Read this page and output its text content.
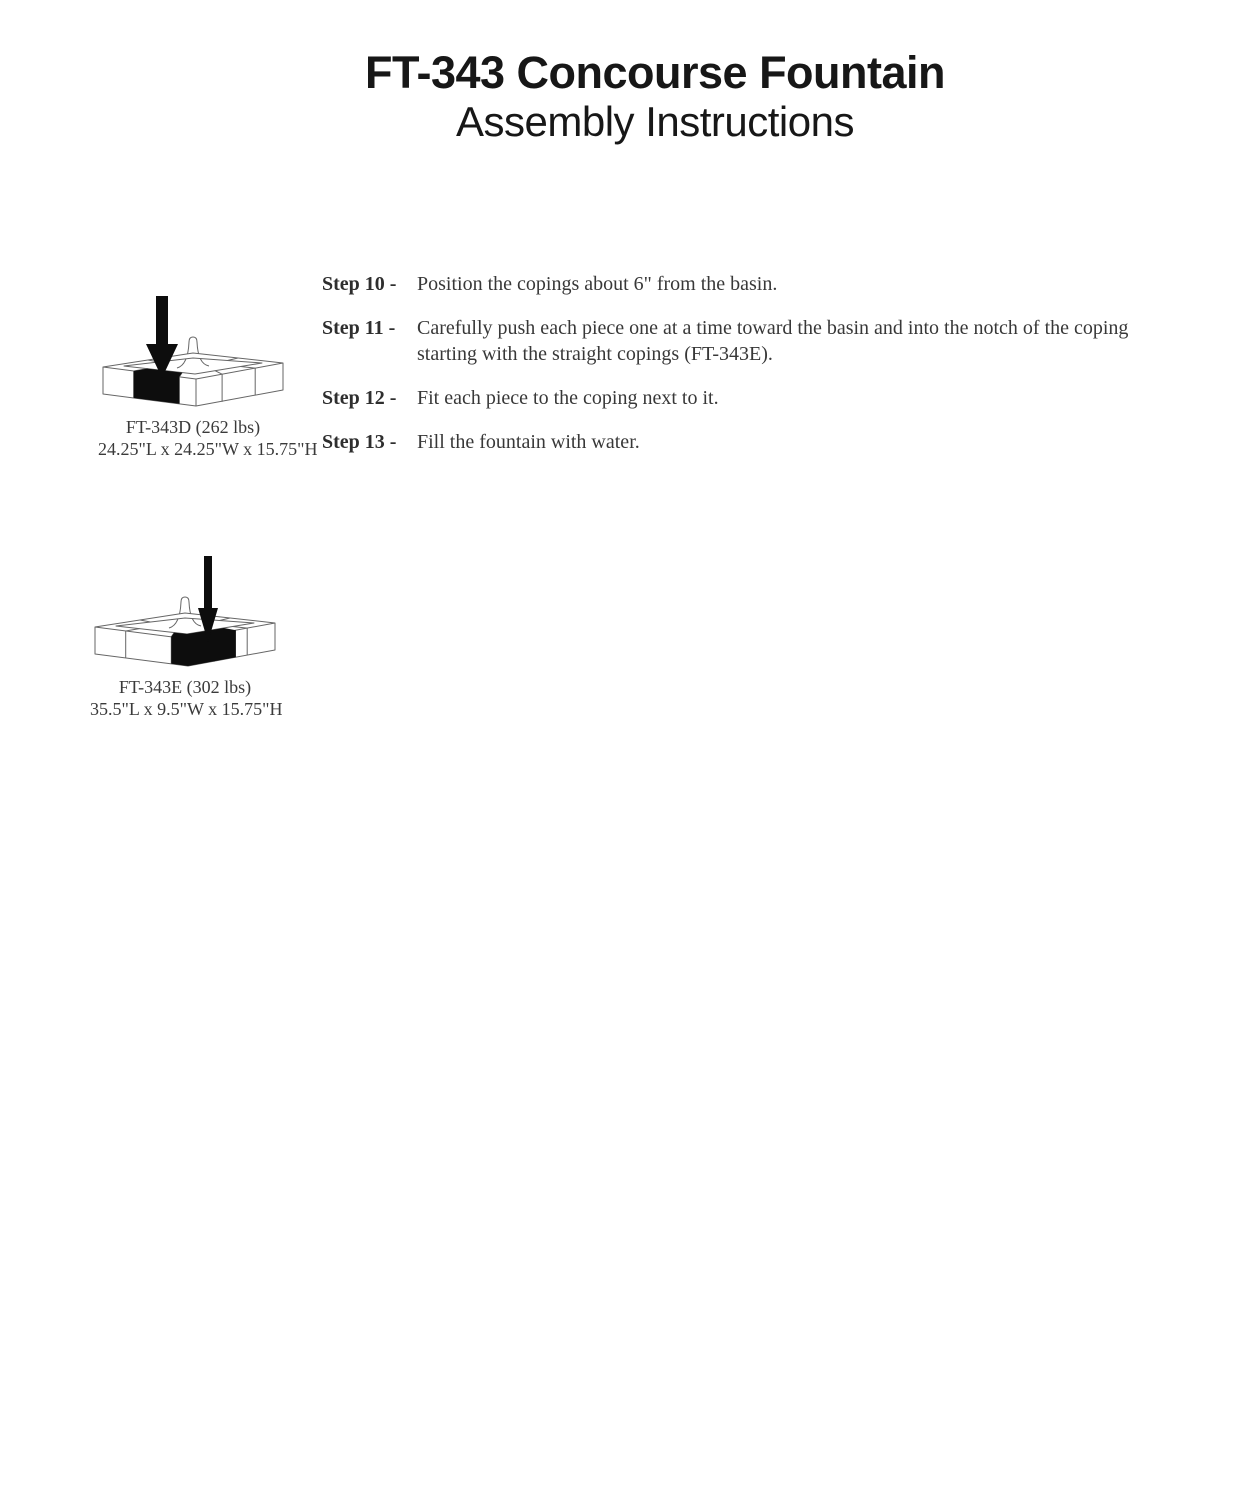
FT-343 Concourse Fountain
Assembly Instructions
Step 10 -	Position the copings about 6" from the basin.
Step 11 -	Carefully push each piece one at a time toward the basin and into the notch of the coping starting with the straight copings (FT-343E).
Step 12 -	Fit each piece to the coping next to it.
Step 13 -	Fill the fountain with water.
FT-343D (262 lbs)
24.25"L x 24.25"W x 15.75"H
FT-343E (302 lbs)
35.5"L x 9.5"W x 15.75"H
